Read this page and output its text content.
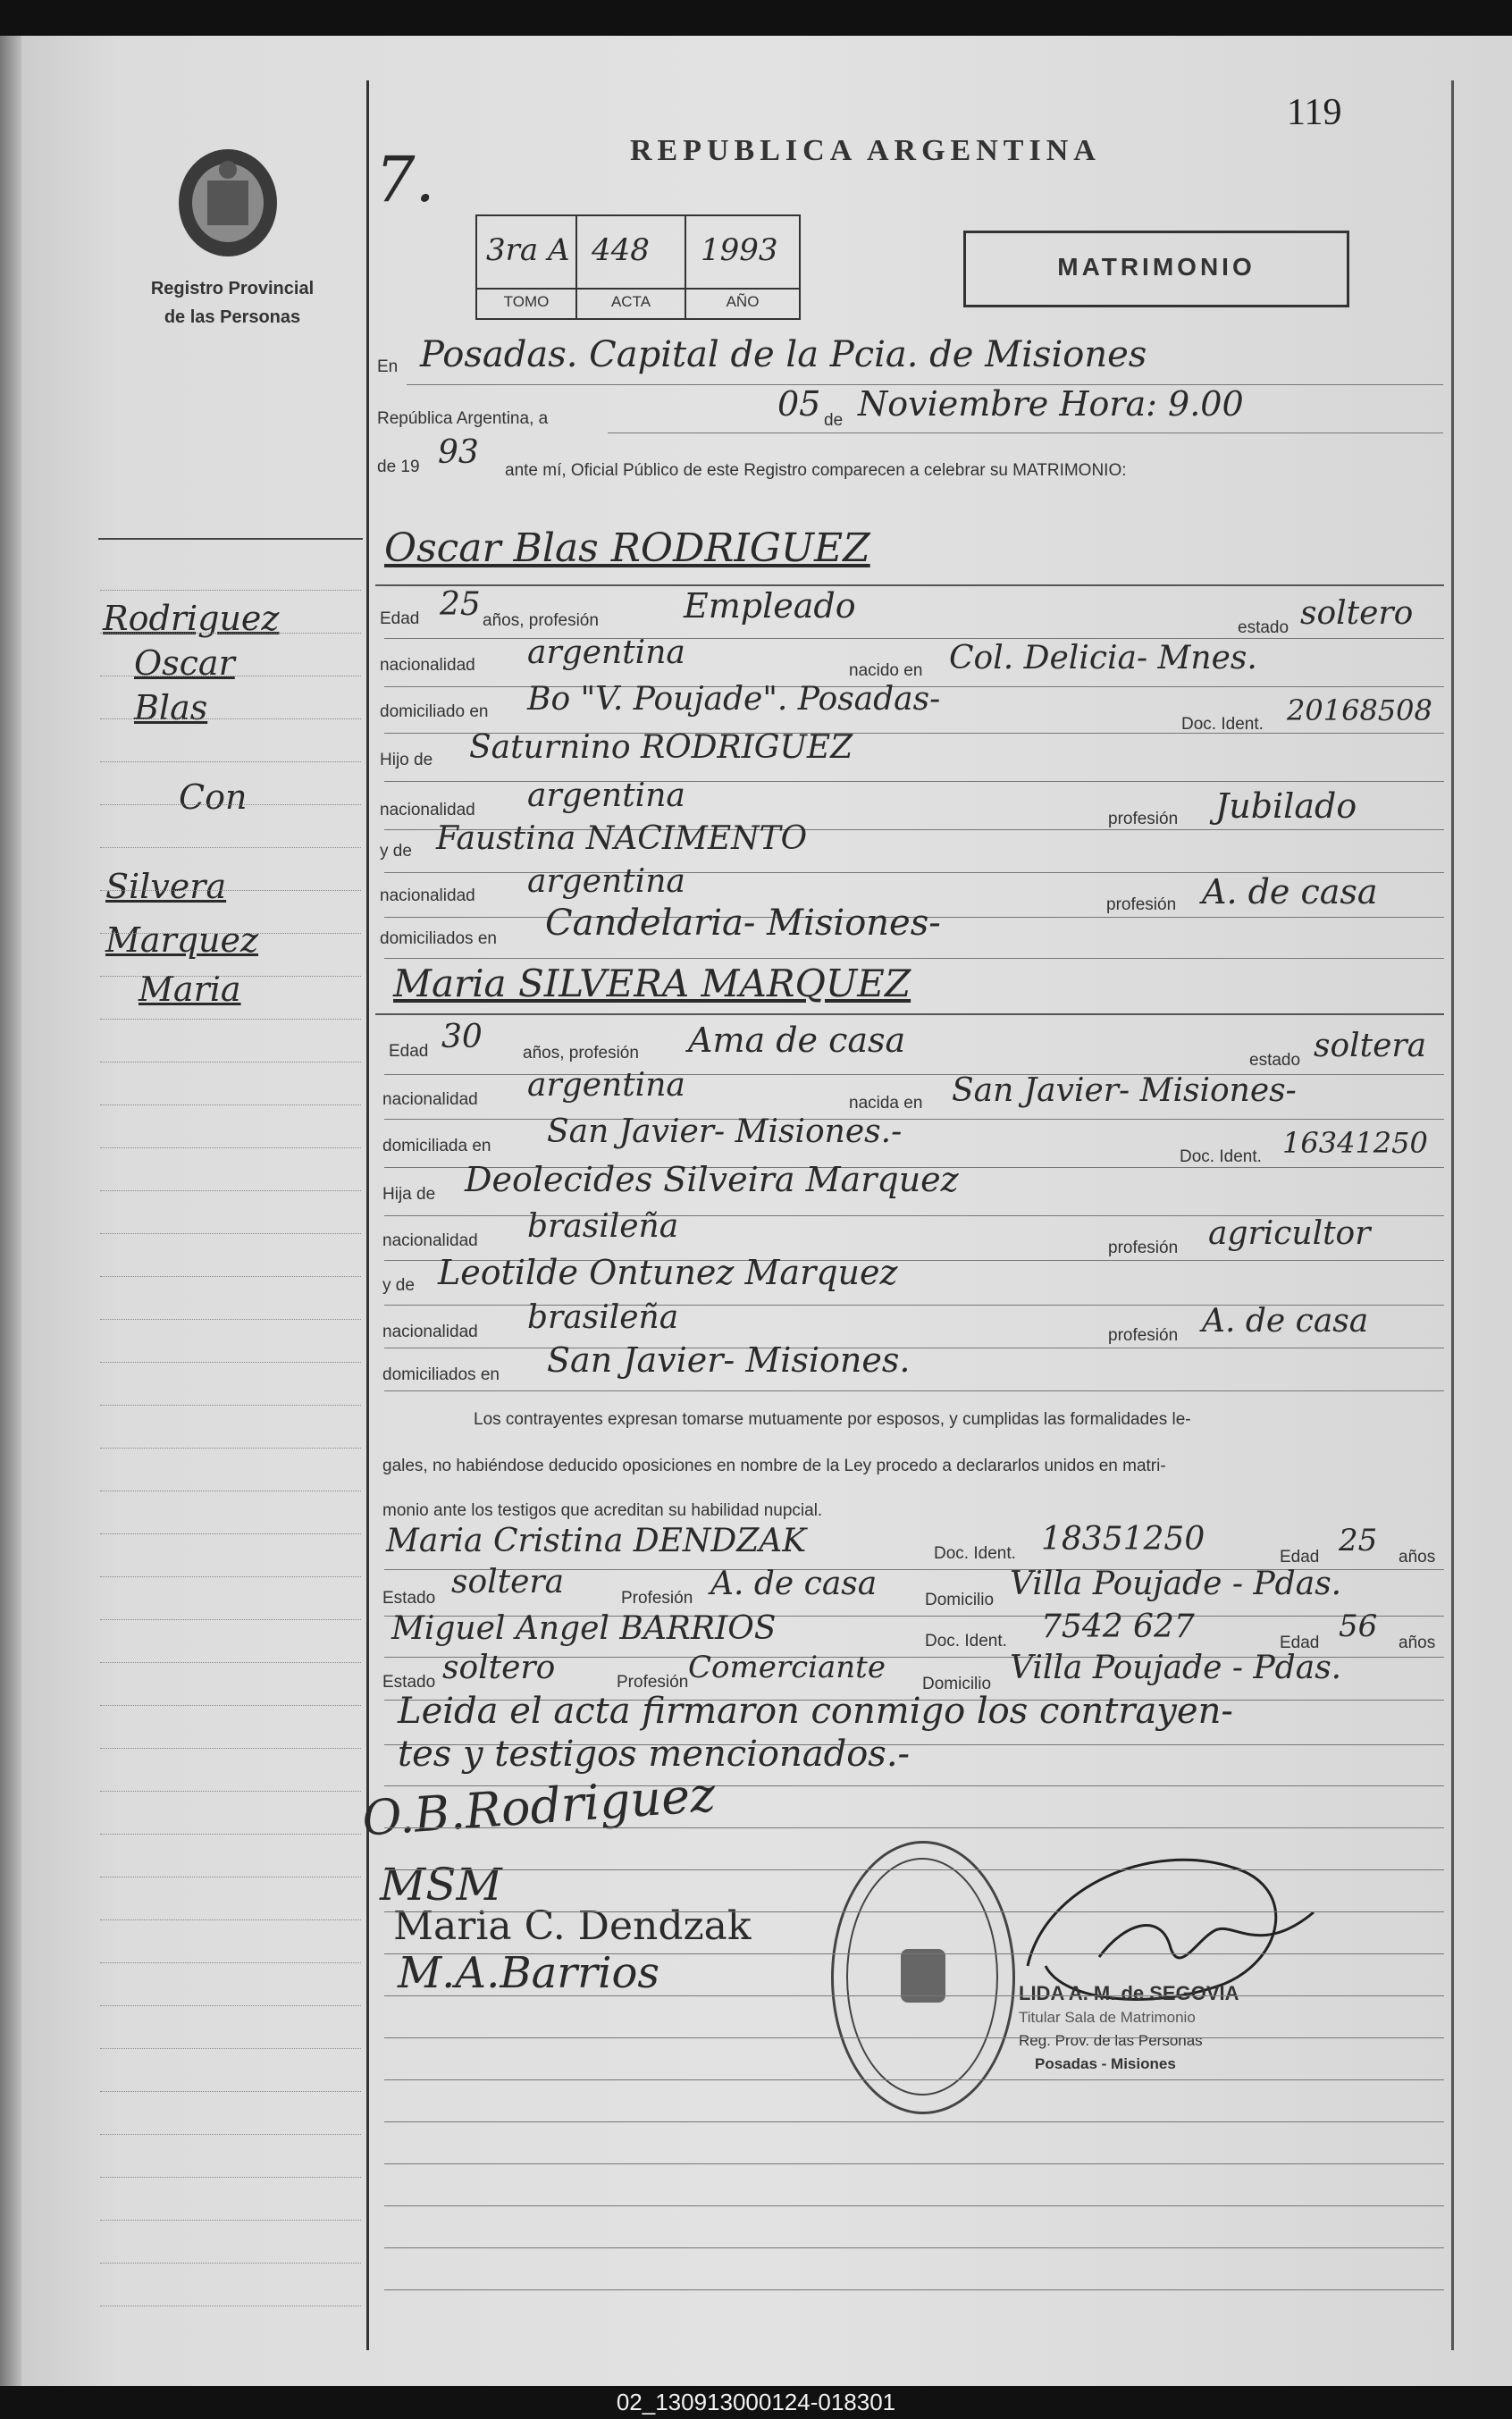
Registro Provincial
de las Personas
7.	REPUBLICA ARGENTINA
119
3ra A 448 1993
TOMO	ACTA	AÑO
MATRIMONIO
Rodriguez
Oscar
Blas
Con
Silvera
Marquez
Maria
En Posadas. Capital de la Pcia. de Misiones
República Argentina, a	05 de Noviembre Hora: 9.00
de 19 93 ante mí, Oficial Público de este Registro comparecen a celebrar su MATRIMONIO:
Oscar Blas RODRIGUEZ
Edad 25 años, profesión	Empleado
estado soltero
nacionalidad argentina	nacido en Col. Delicia- Mnes.
domiciliado en Bo "V. Poujade". Posadas-
Doc. Ident. 20168508
Hijo de Saturnino RODRIGUEZ
nacionalidad argentina
profesión Jubilado
y de Faustina NACIMENTO
nacionalidad argentina
profesión A. de casa
domiciliados en Candelaria- Misiones-
Maria SILVERA MARQUEZ
Edad 30 años, profesión Ama de casa
estado soltera
nacionalidad argentina	nacida en San Javier- Misiones-
domiciliada en San Javier- Misiones.-
Doc. Ident. 16341250
Hija de Deolecides Silveira Marquez
nacionalidad brasileña
profesión agricultor
y de Leotilde Ontunez Marquez
nacionalidad brasileña	profesión A. de casa
domiciliados en San Javier- Misiones.
Los contrayentes expresan tomarse mutuamente por esposos, y cumplidas las formalidades le-
gales, no habiéndose deducido oposiciones en nombre de la Ley procedo a declararlos unidos en matri-
monio ante los testigos que acreditan su habilidad nupcial.
Maria Cristina DENDZAK	Doc. Ident. 18351250	Edad 25 años
Estado soltera	Profesión A. de casa	Domicilio Villa Poujade - Pdas.
Miguel Angel BARRIOS	Doc. Ident. 7542 627	Edad 56 años
Estado soltero	Profesión Comerciante Domicilio Villa Poujade - Pdas.
Leida el acta firmaron conmigo los contrayen-
tes y testigos mencionados.-
O.B.Rodriguez
MSM
Maria C. Dendzak
M.A.Barrios	LIDA A. M. de SEGOVIA
Titular Sala de Matrimonio
Reg. Prov. de las Personas
Posadas - Misiones
02_130913000124-018301
